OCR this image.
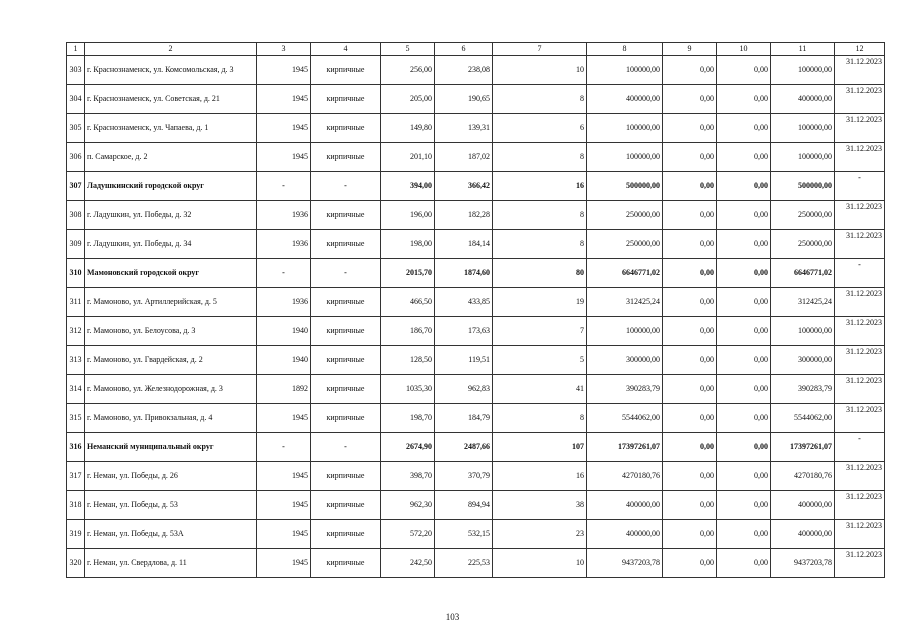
1	2	3	4	5	6	7	8	9	10	11	12
303	г. Краснознаменск, ул. Комсомольская, д. 3	1945	кирпичные	256,00	238,08	10	100000,00	0,00	0,00	100000,00	31.12.2023
304	г. Краснознаменск, ул. Советская, д. 21	1945	кирпичные	205,00	190,65	8	400000,00	0,00	0,00	400000,00	31.12.2023
305	г. Краснознаменск, ул. Чапаева, д. 1	1945	кирпичные	149,80	139,31	6	100000,00	0,00	0,00	100000,00	31.12.2023
306	п. Самарское, д. 2	1945	кирпичные	201,10	187,02	8	100000,00	0,00	0,00	100000,00	31.12.2023
307	Ладушкинский городской округ	-	-	394,00	366,42	16	500000,00	0,00	0,00	500000,00	-
308	г. Ладушкин, ул. Победы, д. 32	1936	кирпичные	196,00	182,28	8	250000,00	0,00	0,00	250000,00	31.12.2023
309	г. Ладушкин, ул. Победы, д. 34	1936	кирпичные	198,00	184,14	8	250000,00	0,00	0,00	250000,00	31.12.2023
310	Мамоновский городской округ	-	-	2015,70	1874,60	80	6646771,02	0,00	0,00	6646771,02	-
311	г. Мамоново, ул. Артиллерийская, д. 5	1936	кирпичные	466,50	433,85	19	312425,24	0,00	0,00	312425,24	31.12.2023
312	г. Мамоново, ул. Белоусова, д. 3	1940	кирпичные	186,70	173,63	7	100000,00	0,00	0,00	100000,00	31.12.2023
313	г. Мамоново, ул. Гвардейская, д. 2	1940	кирпичные	128,50	119,51	5	300000,00	0,00	0,00	300000,00	31.12.2023
314	г. Мамоново, ул. Железнодорожная, д. 3	1892	кирпичные	1035,30	962,83	41	390283,79	0,00	0,00	390283,79	31.12.2023
315	г. Мамоново, ул. Привокзальная, д. 4	1945	кирпичные	198,70	184,79	8	5544062,00	0,00	0,00	5544062,00	31.12.2023
316	Неманский муниципальный округ	-	-	2674,90	2487,66	107	17397261,07	0,00	0,00	17397261,07	-
317	г. Неман, ул. Победы, д. 26	1945	кирпичные	398,70	370,79	16	4270180,76	0,00	0,00	4270180,76	31.12.2023
318	г. Неман, ул. Победы, д. 53	1945	кирпичные	962,30	894,94	38	400000,00	0,00	0,00	400000,00	31.12.2023
319	г. Неман, ул. Победы, д. 53А	1945	кирпичные	572,20	532,15	23	400000,00	0,00	0,00	400000,00	31.12.2023
320	г. Неман, ул. Свердлова, д. 11	1945	кирпичные	242,50	225,53	10	9437203,78	0,00	0,00	9437203,78	31.12.2023
103
